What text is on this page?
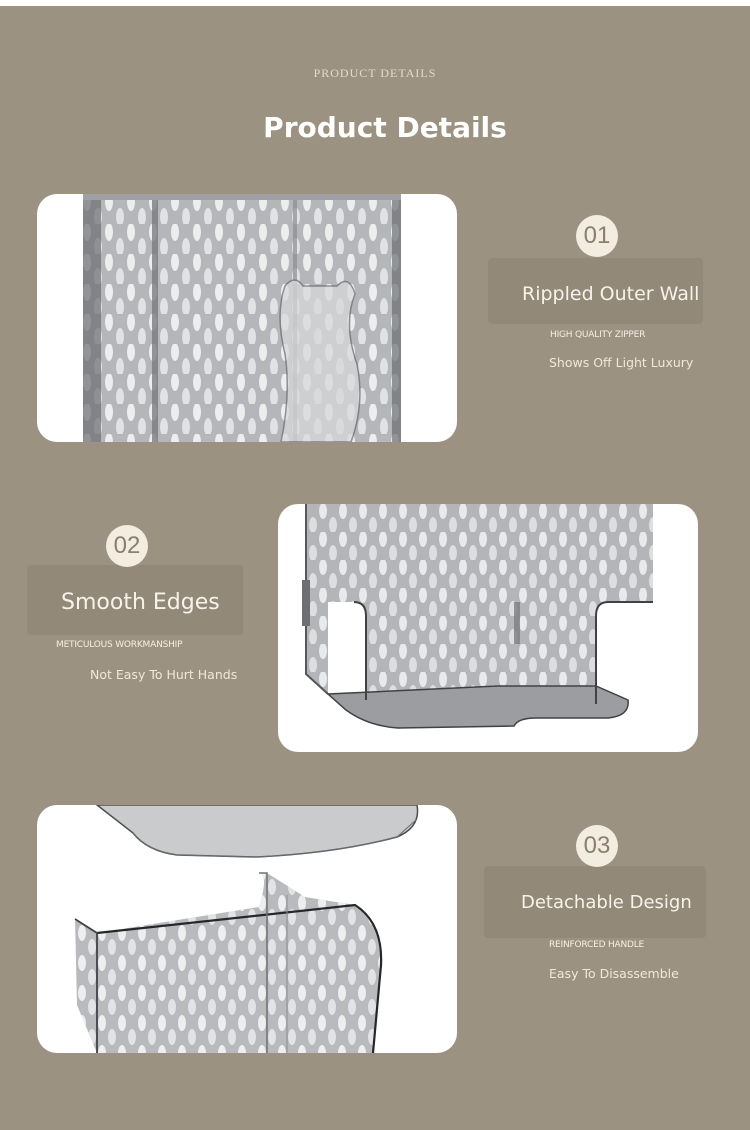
PRODUCT DETAILS
Product Details
01
Rippled Outer Wall
HIGH QUALITY ZIPPER
Shows Off Light Luxury
02
Smooth Edges
METICULOUS WORKMANSHIP
Not Easy To Hurt Hands
03
Detachable Design
REINFORCED HANDLE
Easy To Disassemble
